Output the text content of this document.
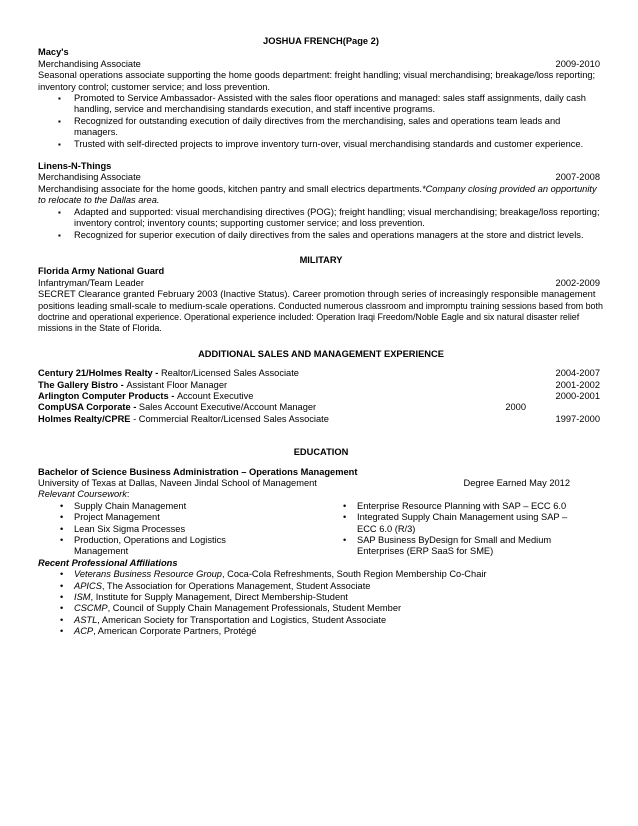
JOSHUA FRENCH(Page 2)
Macy's
Merchandising Associate	2009-2010
Seasonal operations associate supporting the home goods department: freight handling; visual merchandising; breakage/loss reporting; inventory control; customer service; and loss prevention.
▪ Promoted to Service Ambassador- Assisted with the sales floor operations and managed: sales staff assignments, daily cash handling, service and merchandising standards execution, and staff incentive programs.
▪ Recognized for outstanding execution of daily directives from the merchandising, sales and operations team leads and managers.
▪ Trusted with self-directed projects to improve inventory turn-over, visual merchandising standards and customer experience.
Linens-N-Things
Merchandising Associate	2007-2008
Merchandising associate for the home goods, kitchen pantry and small electrics departments.*Company closing provided an opportunity to relocate to the Dallas area.
▪ Adapted and supported: visual merchandising directives (POG); freight handling; visual merchandising; breakage/loss reporting; inventory control; inventory counts; supporting customer service; and loss prevention.
▪ Recognized for superior execution of daily directives from the sales and operations managers at the store and district levels.
MILITARY
Florida Army National Guard
Infantryman/Team Leader	2002-2009
SECRET Clearance granted February 2003 (Inactive Status). Career promotion through series of increasingly responsible management positions leading small-scale to medium-scale operations. Conducted numerous classroom and impromptu training sessions based from both doctrine and operational experience. Operational experience included: Operation Iraqi Freedom/Noble Eagle and six natural disaster relief missions in the State of Florida.
ADDITIONAL SALES AND MANAGEMENT EXPERIENCE
Century 21/Holmes Realty - Realtor/Licensed Sales Associate	2004-2007
The Gallery Bistro - Assistant Floor Manager	2001-2002
Arlington Computer Products - Account Executive	2000-2001
CompUSA Corporate - Sales Account Executive/Account Manager	2000
Holmes Realty/CPRE - Commercial Realtor/Licensed Sales Associate	1997-2000
EDUCATION
Bachelor of Science Business Administration – Operations Management
University of Texas at Dallas, Naveen Jindal School of Management	Degree Earned May 2012
Relevant Coursework:
• Supply Chain Management
• Project Management
• Lean Six Sigma Processes
• Production, Operations and Logistics Management
• Enterprise Resource Planning with SAP – ECC 6.0
• Integrated Supply Chain Management using SAP – ECC 6.0 (R/3)
• SAP Business ByDesign for Small and Medium Enterprises (ERP SaaS for SME)
Recent Professional Affiliations
• Veterans Business Resource Group, Coca-Cola Refreshments, South Region Membership Co-Chair
• APICS, The Association for Operations Management, Student Associate
• ISM, Institute for Supply Management, Direct Membership-Student
• CSCMP, Council of Supply Chain Management Professionals, Student Member
• ASTL, American Society for Transportation and Logistics, Student Associate
• ACP, American Corporate Partners, Protégé
